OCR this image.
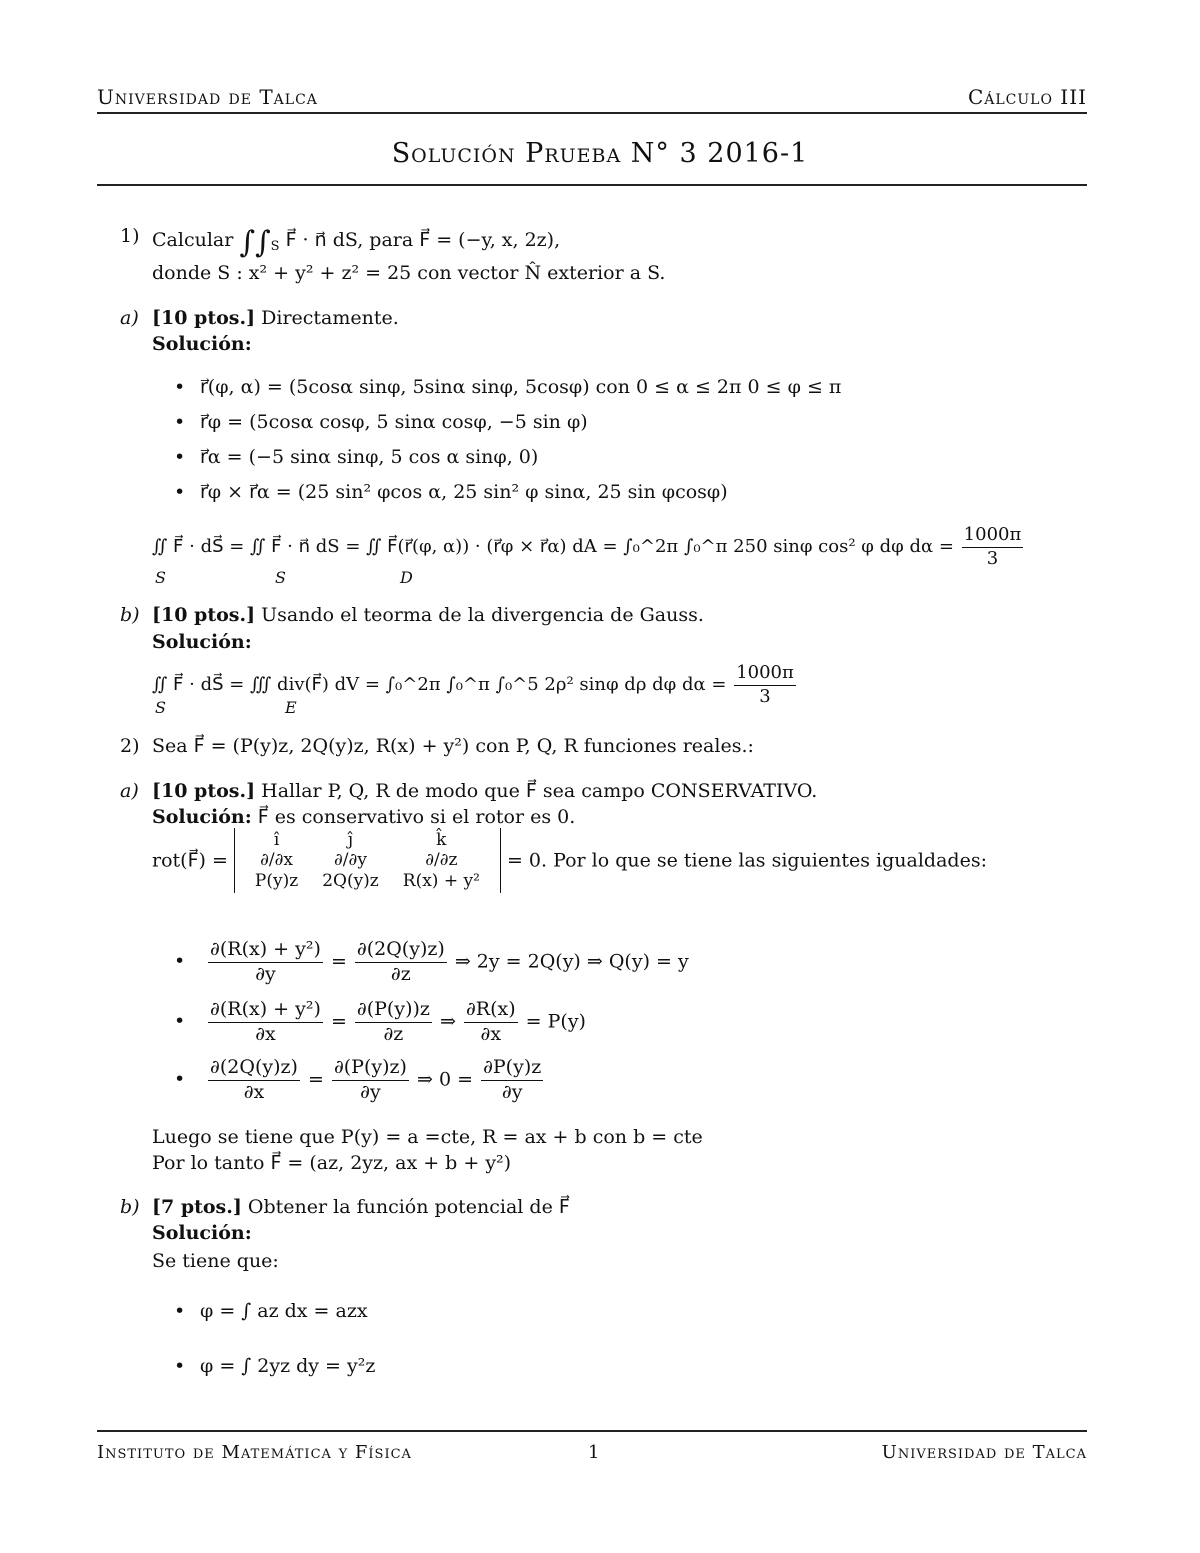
Universidad de Talca	Cálculo III
Solución Prueba N° 3 2016-1
1) Calcular $\int\int_S$ F⃗ · n⃗ dS, para F⃗ = (−y, x, 2z),
donde S : x² + y² + z² = 25 con vector N̂ exterior a S.
a) [10 ptos.] Directamente.
Solución:
• r⃗(φ, α) = (5cosα sinφ, 5sinα sinφ, 5cosφ) con 0 ≤ α ≤ 2π 0 ≤ φ ≤ π
• r⃗φ = (5cosα cosφ, 5 sinα cosφ, −5 sin φ)
• r⃗α = (−5 sinα sinφ, 5 cos α sinφ, 0)
• r⃗φ × r⃗α = (25 sin² φcos α, 25 sin² φ sinα, 25 sin φcosφ)
∬ F⃗ · dS⃗ = ∬ F⃗ · n⃗ dS = ∬ F⃗(r⃗(φ, α)) · (r⃗φ × r⃗α) dA = ∫₀^2π ∫₀^π 250 sinφ cos² φ dφ $d\alpha = \frac{1000\pi}{3}$
S	S	D
b) [10 ptos.] Usando el teorma de la divergencia de Gauss.
Solución:
∬ F⃗ · dS⃗ = ∭ div(F⃗) dV = ∫₀^2π ∫₀^π ∫₀^5 2ρ² sinφ dρ dφ $d\alpha = \frac{1000\pi}{3}$
S	E
2) Sea F⃗ = (P(y)z, 2Q(y)z, R(x) + y²) con P, Q, R funciones reales.:
a) [10 ptos.] Hallar P, Q, R de modo que F⃗ sea campo CONSERVATIVO.
Solución: F⃗ es conservativo si el rotor es 0.
rot(F⃗) =
î	ĵ	k̂
∂/∂x	∂/∂y	∂/∂z
P(y)z	2Q(y)z	R(x) + y²
= 0. Por lo que se tiene las siguientes igualdades:
• $\frac{\text{∂(R(x) + y²)}}{\partial y} = \frac{\partial(2Q(y)z)}{\partial z}$ ⇒ 2y = 2Q(y) ⇒ Q(y) = y
• $\frac{\text{∂(R(x) + y²)}}{\partial x} = \frac{\partial(P(y))z}{\partial z}$ ⇒ $\frac{\partial R(x)}{\partial x} = P(y)$
• $\frac{\partial(2Q(y)z)}{\partial x} = \frac{\partial(P(y)z)}{\partial y}$ ⇒ $0 = \frac{\partial P(y)z}{\partial y}$
Luego se tiene que P(y) = a =cte, R = ax + b con b = cte
Por lo tanto F⃗ = (az, 2yz, ax + b + y²)
b) [7 ptos.] Obtener la función potencial de F⃗
Solución:
Se tiene que:
• φ = ∫ az dx = azx
• φ = ∫ 2yz dy = y²z
Instituto de Matemática y Física	1	Universidad de Talca
